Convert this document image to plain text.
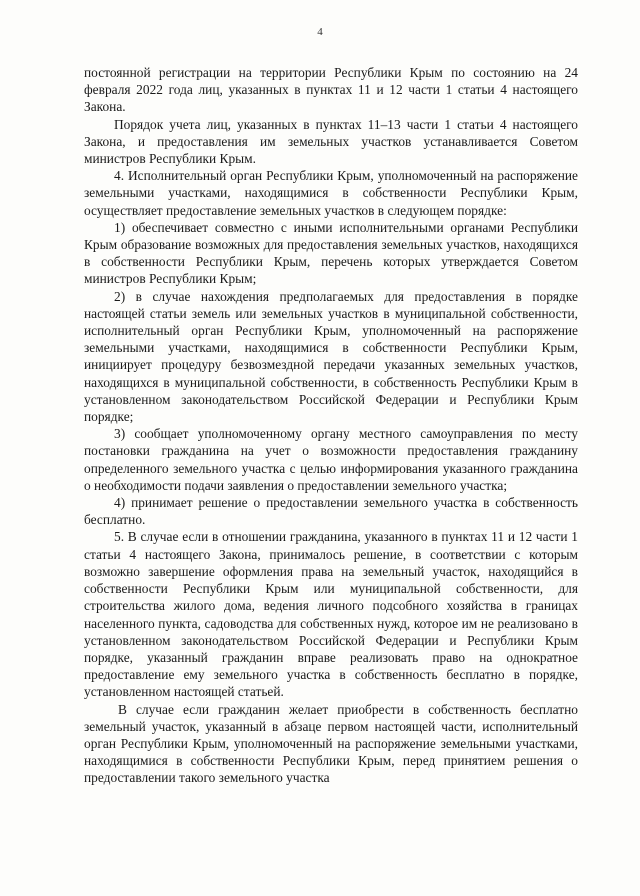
4

постоянной регистрации на территории Республики Крым по состоянию на 24 февраля 2022 года лиц, указанных в пунктах 11 и 12 части 1 статьи 4 настоящего Закона.

Порядок учета лиц, указанных в пунктах 11–13 части 1 статьи 4 настоящего Закона, и предоставления им земельных участков устанавливается Советом министров Республики Крым.

4. Исполнительный орган Республики Крым, уполномоченный на распоряжение земельными участками, находящимися в собственности Республики Крым, осуществляет предоставление земельных участков в следующем порядке:

1) обеспечивает совместно с иными исполнительными органами Республики Крым образование возможных для предоставления земельных участков, находящихся в собственности Республики Крым, перечень которых утверждается Советом министров Республики Крым;

2) в случае нахождения предполагаемых для предоставления в порядке настоящей статьи земель или земельных участков в муниципальной собственности, исполнительный орган Республики Крым, уполномоченный на распоряжение земельными участками, находящимися в собственности Республики Крым, инициирует процедуру безвозмездной передачи указанных земельных участков, находящихся в муниципальной собственности, в собственность Республики Крым в установленном законодательством Российской Федерации и Республики Крым порядке;

3) сообщает уполномоченному органу местного самоуправления по месту постановки гражданина на учет о возможности предоставления гражданину определенного земельного участка с целью информирования указанного гражданина о необходимости подачи заявления о предоставлении земельного участка;

4) принимает решение о предоставлении земельного участка в собственность бесплатно.

5. В случае если в отношении гражданина, указанного в пунктах 11 и 12 части 1 статьи 4 настоящего Закона, принималось решение, в соответствии с которым возможно завершение оформления права на земельный участок, находящийся в собственности Республики Крым или муниципальной собственности, для строительства жилого дома, ведения личного подсобного хозяйства в границах населенного пункта, садоводства для собственных нужд, которое им не реализовано в установленном законодательством Российской Федерации и Республики Крым порядке, указанный гражданин вправе реализовать право на однократное предоставление ему земельного участка в собственность бесплатно в порядке, установленном настоящей статьей.

В случае если гражданин желает приобрести в собственность бесплатно земельный участок, указанный в абзаце первом настоящей части, исполнительный орган Республики Крым, уполномоченный на распоряжение земельными участками, находящимися в собственности Республики Крым, перед принятием решения о предоставлении такого земельного участка
